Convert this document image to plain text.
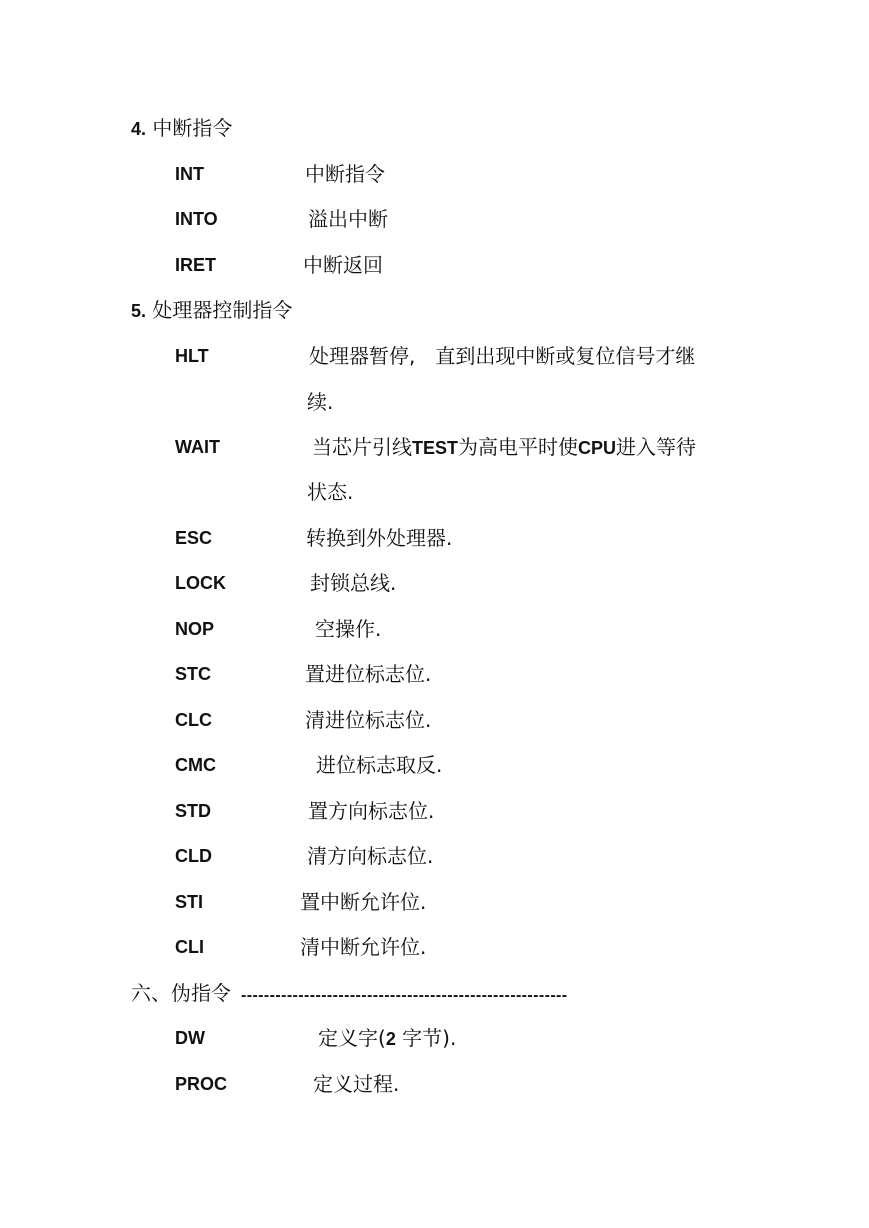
4. 中断指令
INT	中断指令
INTO	溢出中断
IRET	中断返回
5. 处理器控制指令
HLT	处理器暂停,　直到出现中断或复位信号才继
续.
WAIT	当芯片引线TEST为高电平时使CPU进入等待
状态.
ESC	转换到外处理器.
LOCK	封锁总线.
NOP	空操作.
STC	置进位标志位.
CLC	清进位标志位.
CMC	进位标志取反.
STD	置方向标志位.
CLD	清方向标志位.
STI	置中断允许位.
CLI	清中断允许位.
六、伪指令 ---------------------------------------------------------
DW	定义字(2 字节).
PROC	定义过程.
